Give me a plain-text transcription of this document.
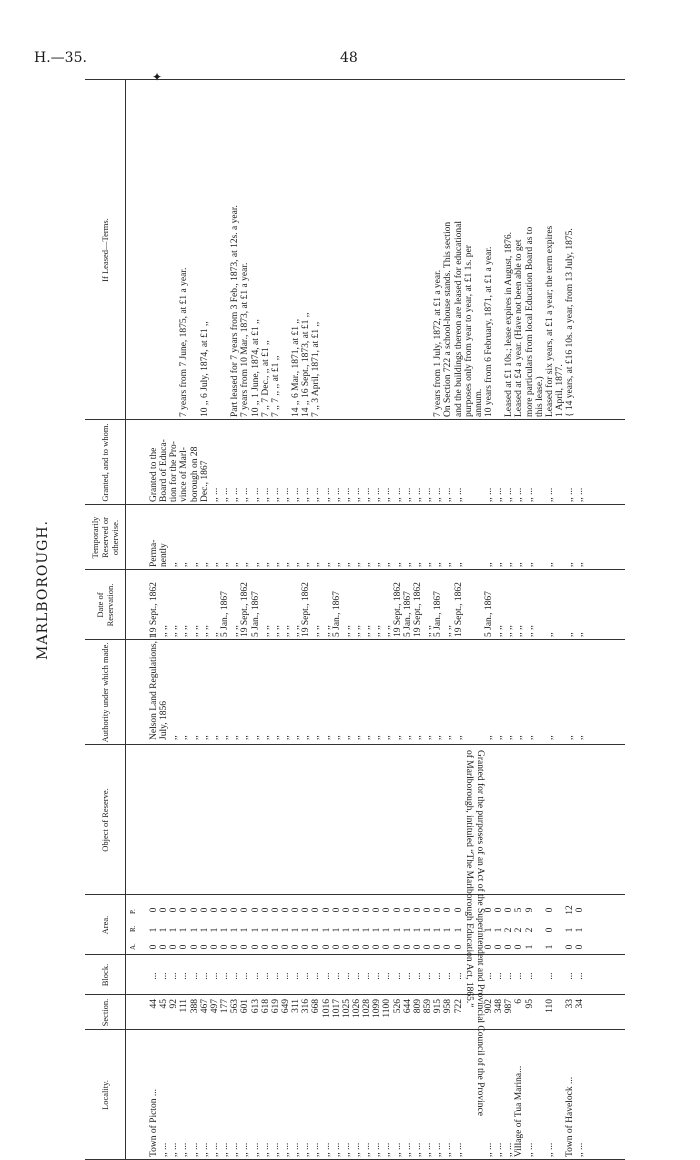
H.—35.	48
MARLBOROUGH.
✦
Locality.
Section.
Block.
Area.
Object of Reserve.
Authority under which made.
Date of Reservation.
Temporarily Reserved or otherwise.
Granted, and to whom.
If Leased—Terms.
A.
R.
P.
Town of Picton ...
44
...
0
1
0
Nelson Land Regulations, 1
19 Sept., 1862
Perma-
,, ...
45
...
0
1
0
July, 1856
,, ,,
nently
,, ...
92
...
0
1
0
,,
,, ,,
,,
,, ...
111
...
0
1
0
,,
,, ,,
,,
7 years from 7 June, 1875, at £1 a year.
,, ...
388
...
0
1
0
,,
,, ,,
,,
,, ...
467
...
0
1
0
,,
,, ,,
,,
10 ,, 6 July, 1874, at £1 ,,
,, ...
497
...
0
1
0
,,
,,
,,
,, ...
,, ...
177
...
0
1
0
,,
5 Jan., 1867
,,
,, ...
,, ...
563
...
0
1
0
,,
,, ,,
,,
,, ...
Part leased for 7 years from 3 Feb., 1873, at 12s. a year.
,, ...
601
...
0
1
0
,,
19 Sept., 1862
,,
,, ...
7 years from 10 Mar., 1873, at £1 a year.
,, ...
613
...
0
1
0
,,
5 Jan., 1867
,,
,, ...
10 ,, 1 June, 1874, at £1 ,,
,, ...
618
...
0
1
0
,,
,, ,,
,,
,, ...
7 ,, 7 Dec., ,, at £1 ,,
,, ...
619
...
0
1
0
,,
,, ,,
,,
,, ...
7 ,, 7 ,, ,, at £1 ,,
,, ...
649
...
0
1
0
,,
,, ,,
,,
,, ...
,, ...
311
...
0
1
0
,,
,, ,,
,,
,, ...
14 ,, 6 Mar., 1871, at £1 ,,
,, ...
316
...
0
1
0
,,
19 Sept., 1862
,,
,, ...
14 ,, 16 Sept., 1873, at £1 ,,
,, ...
668
...
0
1
0
,,
,, ,,
,,
,, ...
7 ,, 3 April, 1871, at £1 ,,
,, ...
1016
...
0
1
0
,,
,, ,,
,,
,, ...
,, ...
1017
...
0
1
0
,,
5 Jan., 1867
,,
,, ...
,, ...
1025
...
0
1
0
,,
,, ,,
,,
,, ...
,, ...
1026
...
0
1
0
,,
,, ,,
,,
,, ...
,, ...
1028
...
0
1
0
,,
,, ,,
,,
,, ...
,, ...
1099
...
0
1
0
,,
,, ,,
,,
,, ...
,, ...
1100
...
0
1
0
,,
,, ,,
,,
,, ...
,, ...
526
...
0
1
0
,,
19 Sept., 1862
,,
,, ...
,, ...
644
...
0
1
0
,,
5 Jan., 1867
,,
,, ...
,, ...
809
...
0
1
0
,,
19 Sept., 1862
,,
,, ...
,, ...
859
...
0
1
0
,,
,, ,,
,,
,, ...
,, ...
915
...
0
1
0
,,
5 Jan., 1867
,,
,, ...
7 years from 1 July, 1872, at £1 a year.
,, ...
958
...
0
1
0
,,
,, ,,
,,
,, ...
On Section 722 a school-house stands. This section
,, ...
722
...
0
1
0
,,
19 Sept., 1862
,,
,, ...
and the buildings thereon are leased for educational purposes only from year to year, at £1 1s. per annum.
,, ...
902
...
0
1
0
,,
5 Jan., 1867
,,
,, ...
10 years from 6 February, 1871, at £1 a year.
,, ...
348
...
0
1
0
,,
,, ,,
,,
,, ...
,, ...
987
...
0
2
0
,,
,, ,,
,,
,, ...
Leased at £1 10s.; lease expires in August, 1876.
Village of Tua Marina...
6
...
0
2
5
,,
,, ,,
,,
,, ...
Leased at £4 a year. (Have not been able to get
,, ...
95
...
1
2
9
,,
,, ,,
,,
,, ...
more particulars from local Education Board as to this lease.)
,, ...
110
...
1
0
0
,,
,,
,,
,, ...
Leased for six years, at £1 a year; the term expires 1 April, 1877.
Town of Havelock ...
33
...
0
1
12
,,
,,
,,
,, ...
{ 14 years, at £16 10s. a year, from 13 July, 1875.
,, ...
34
...
0
1
0
,,
,,
,,
,, ...
Granted to the Board of Educa- tion for the Pro- vince of Marl- borough on 28 Dec., 1867
Granted for the purposes of an Act of the Superintendent and Provincial Council of the Province
of Marlborough, intituled “The Marlborough Education Act, 1865.”
